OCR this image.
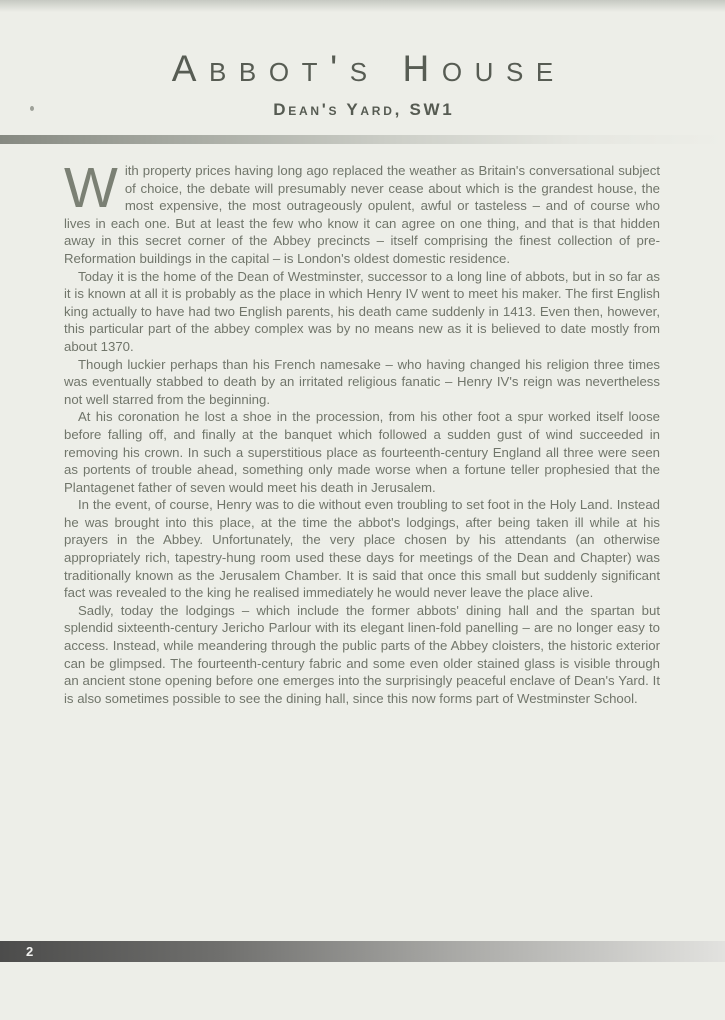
Abbot's House
Dean's Yard, SW1
W ith property prices having long ago replaced the weather as Britain's conversational subject of choice, the debate will presumably never cease about which is the grandest house, the most expensive, the most outrageously opulent, awful or tasteless – and of course who lives in each one. But at least the few who know it can agree on one thing, and that is that hidden away in this secret corner of the Abbey precincts – itself comprising the finest collection of pre-Reformation buildings in the capital – is London's oldest domestic residence.

Today it is the home of the Dean of Westminster, successor to a long line of abbots, but in so far as it is known at all it is probably as the place in which Henry IV went to meet his maker. The first English king actually to have had two English parents, his death came suddenly in 1413. Even then, however, this particular part of the abbey complex was by no means new as it is believed to date mostly from about 1370.

Though luckier perhaps than his French namesake – who having changed his religion three times was eventually stabbed to death by an irritated religious fanatic – Henry IV's reign was nevertheless not well starred from the beginning.

At his coronation he lost a shoe in the procession, from his other foot a spur worked itself loose before falling off, and finally at the banquet which followed a sudden gust of wind succeeded in removing his crown. In such a superstitious place as fourteenth-century England all three were seen as portents of trouble ahead, something only made worse when a fortune teller prophesied that the Plantagenet father of seven would meet his death in Jerusalem.

In the event, of course, Henry was to die without even troubling to set foot in the Holy Land. Instead he was brought into this place, at the time the abbot's lodgings, after being taken ill while at his prayers in the Abbey. Unfortunately, the very place chosen by his attendants (an otherwise appropriately rich, tapestry-hung room used these days for meetings of the Dean and Chapter) was traditionally known as the Jerusalem Chamber. It is said that once this small but suddenly significant fact was revealed to the king he realised immediately he would never leave the place alive.

Sadly, today the lodgings – which include the former abbots' dining hall and the spartan but splendid sixteenth-century Jericho Parlour with its elegant linen-fold panelling – are no longer easy to access. Instead, while meandering through the public parts of the Abbey cloisters, the historic exterior can be glimpsed. The fourteenth-century fabric and some even older stained glass is visible through an ancient stone opening before one emerges into the surprisingly peaceful enclave of Dean's Yard. It is also sometimes possible to see the dining hall, since this now forms part of Westminster School.

2
